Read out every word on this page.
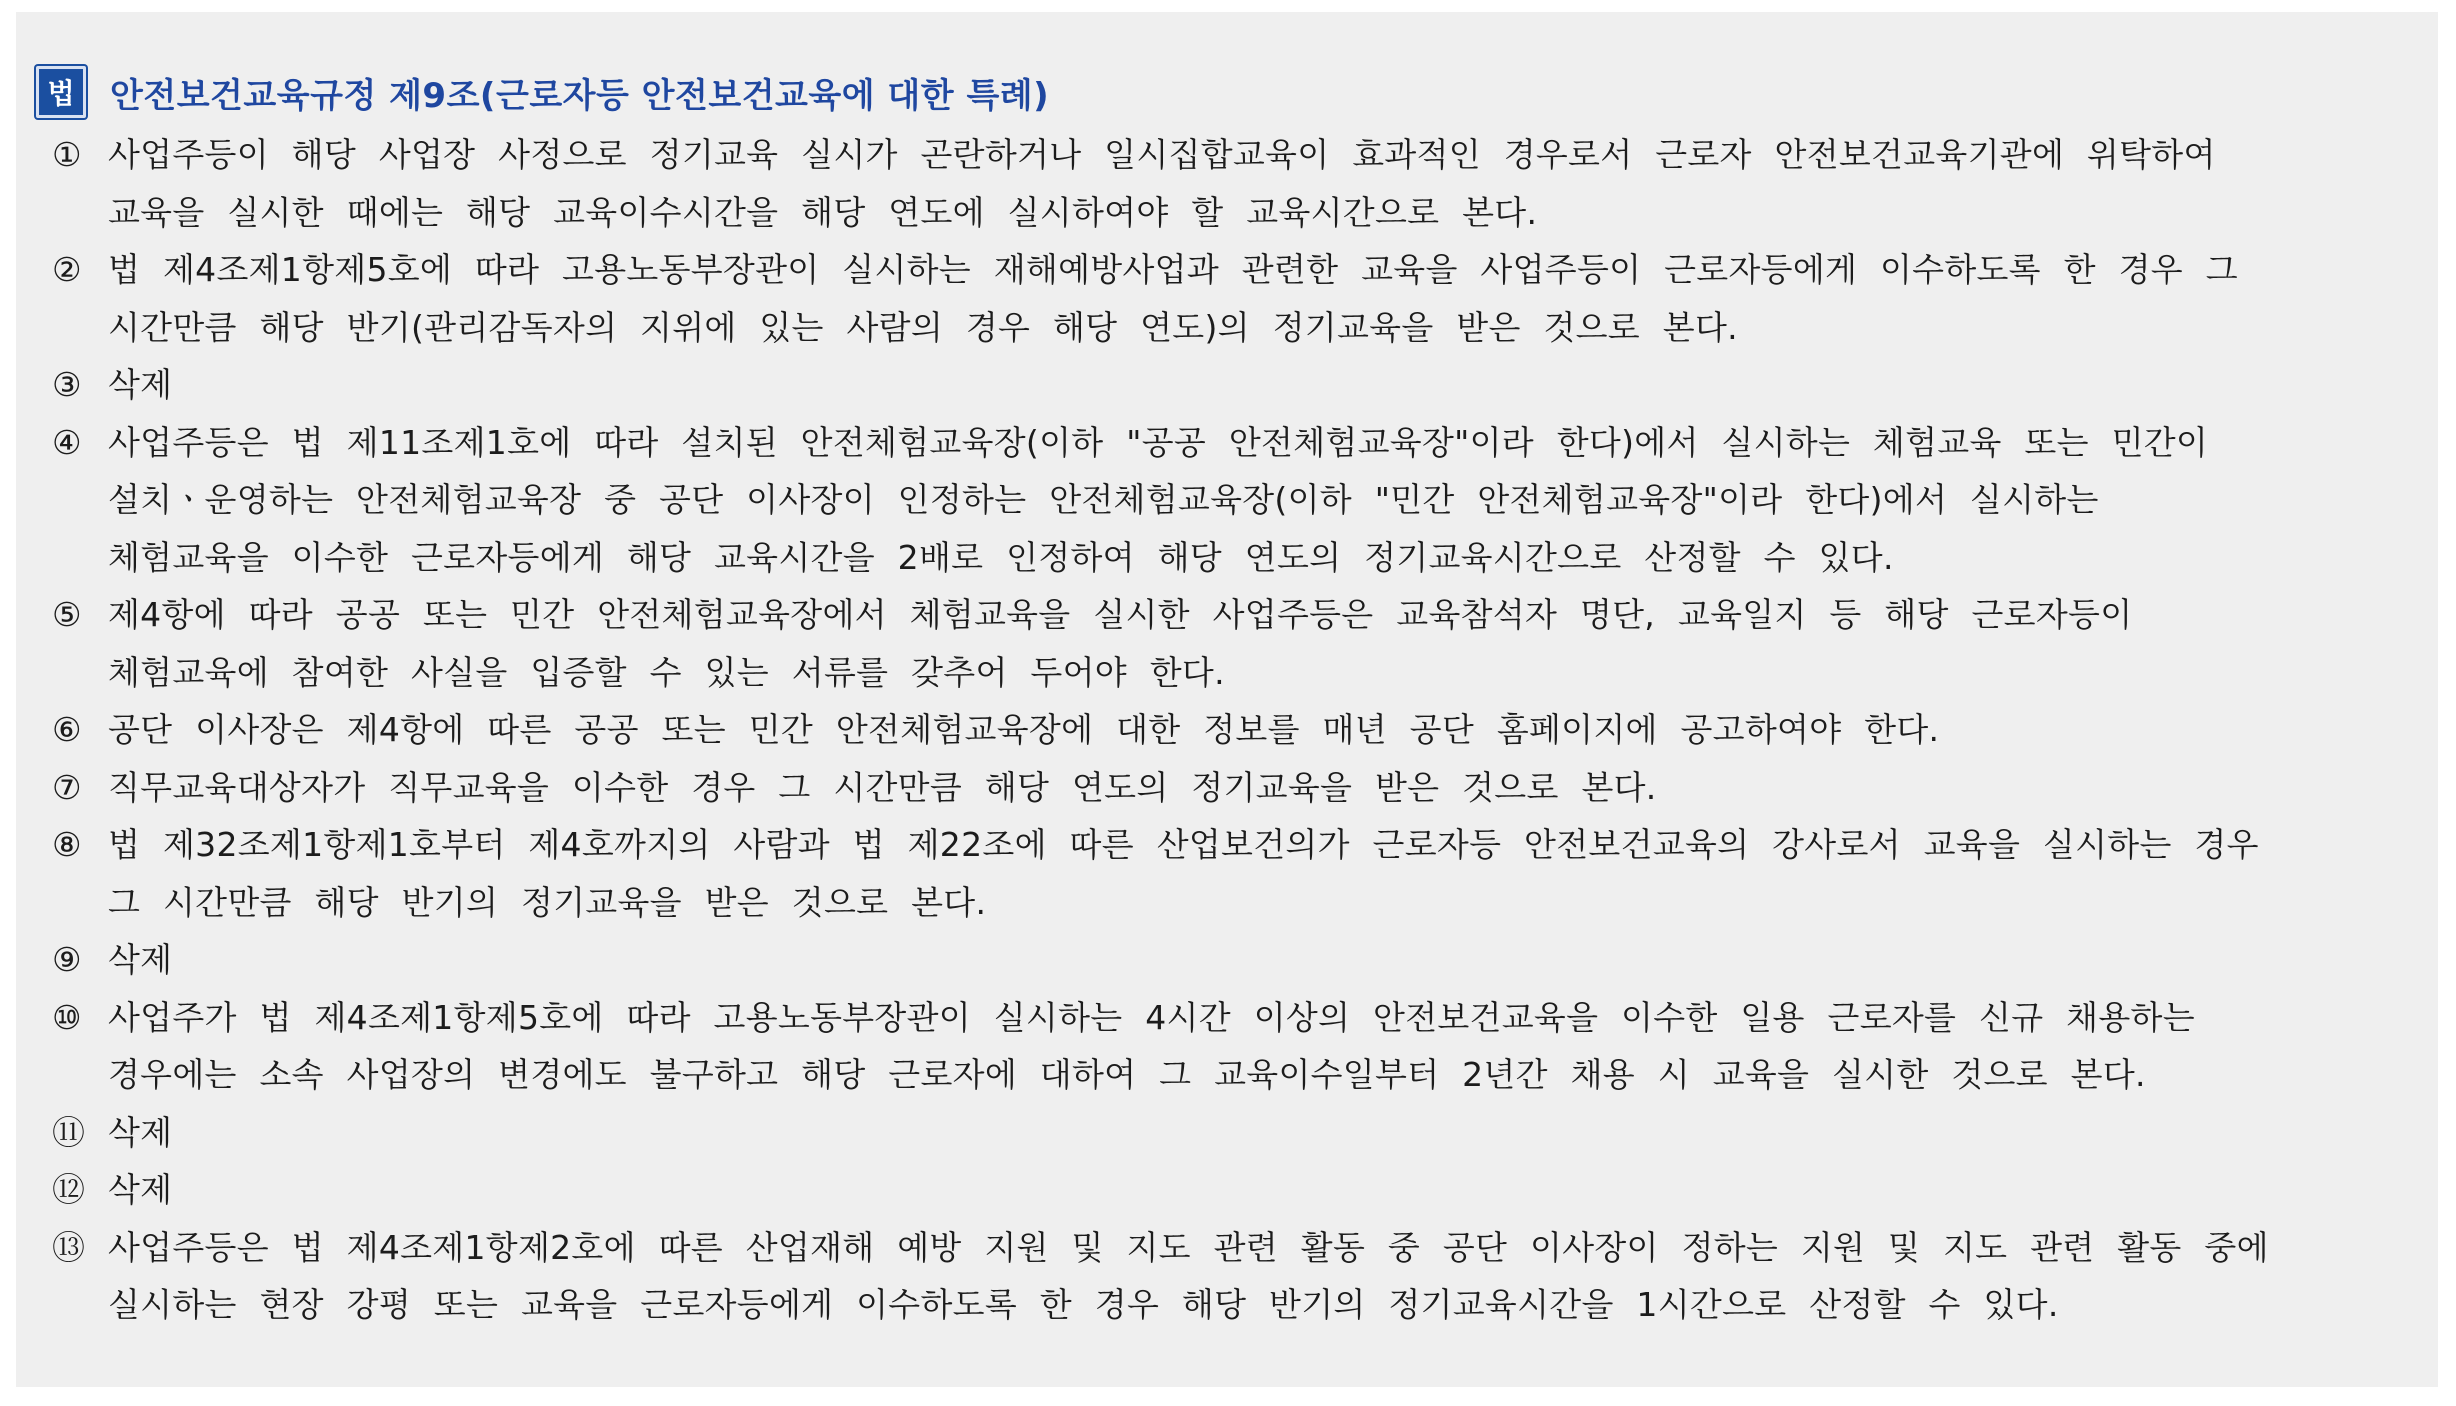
법	안전보건교육규정 제9조(근로자등 안전보건교육에 대한 특례)
① 사업주등이 해당 사업장 사정으로 정기교육 실시가 곤란하거나 일시집합교육이 효과적인 경우로서 근로자 안전보건교육기관에 위탁하여
교육을 실시한 때에는 해당 교육이수시간을 해당 연도에 실시하여야 할 교육시간으로 본다.
② 법 제4조제1항제5호에 따라 고용노동부장관이 실시하는 재해예방사업과 관련한 교육을 사업주등이 근로자등에게 이수하도록 한 경우 그
시간만큼 해당 반기(관리감독자의 지위에 있는 사람의 경우 해당 연도)의 정기교육을 받은 것으로 본다.
③ 삭제
④ 사업주등은 법 제11조제1호에 따라 설치된 안전체험교육장(이하 "공공 안전체험교육장"이라 한다)에서 실시하는 체험교육 또는 민간이
설치ㆍ운영하는 안전체험교육장 중 공단 이사장이 인정하는 안전체험교육장(이하 "민간 안전체험교육장"이라 한다)에서 실시하는
체험교육을 이수한 근로자등에게 해당 교육시간을 2배로 인정하여 해당 연도의 정기교육시간으로 산정할 수 있다.
⑤ 제4항에 따라 공공 또는 민간 안전체험교육장에서 체험교육을 실시한 사업주등은 교육참석자 명단, 교육일지 등 해당 근로자등이
체험교육에 참여한 사실을 입증할 수 있는 서류를 갖추어 두어야 한다.
⑥ 공단 이사장은 제4항에 따른 공공 또는 민간 안전체험교육장에 대한 정보를 매년 공단 홈페이지에 공고하여야 한다.
⑦ 직무교육대상자가 직무교육을 이수한 경우 그 시간만큼 해당 연도의 정기교육을 받은 것으로 본다.
⑧ 법 제32조제1항제1호부터 제4호까지의 사람과 법 제22조에 따른 산업보건의가 근로자등 안전보건교육의 강사로서 교육을 실시하는 경우
그 시간만큼 해당 반기의 정기교육을 받은 것으로 본다.
⑨ 삭제
⑩ 사업주가 법 제4조제1항제5호에 따라 고용노동부장관이 실시하는 4시간 이상의 안전보건교육을 이수한 일용 근로자를 신규 채용하는
경우에는 소속 사업장의 변경에도 불구하고 해당 근로자에 대하여 그 교육이수일부터 2년간 채용 시 교육을 실시한 것으로 본다.
⑪ 삭제
⑫ 삭제
⑬ 사업주등은 법 제4조제1항제2호에 따른 산업재해 예방 지원 및 지도 관련 활동 중 공단 이사장이 정하는 지원 및 지도 관련 활동 중에
실시하는 현장 강평 또는 교육을 근로자등에게 이수하도록 한 경우 해당 반기의 정기교육시간을 1시간으로 산정할 수 있다.
